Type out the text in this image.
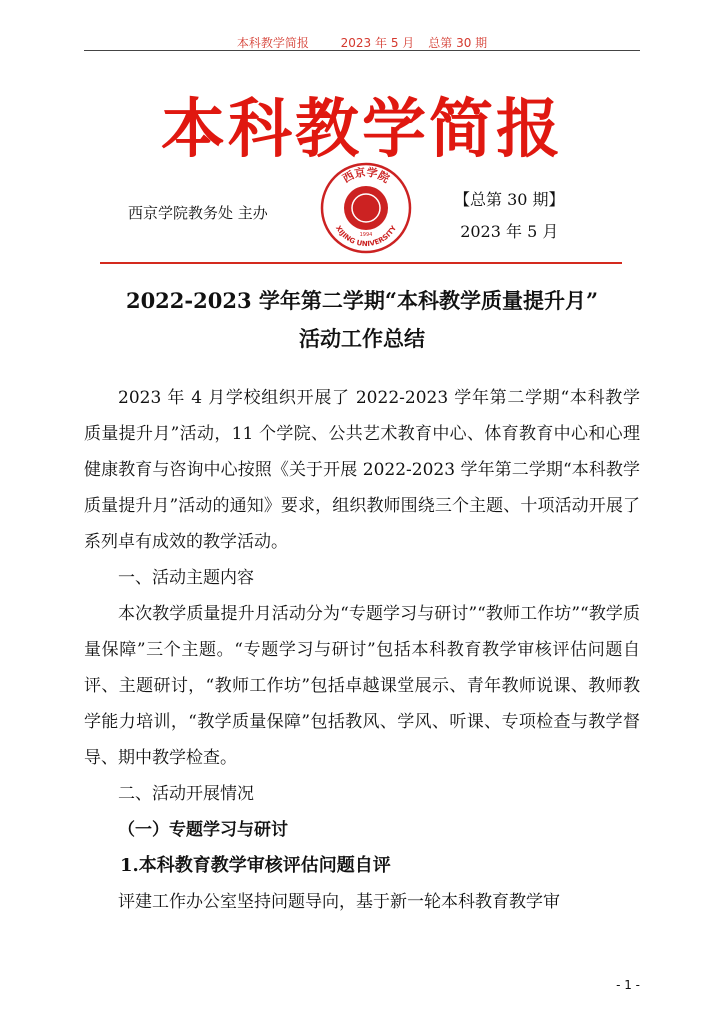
本科教学简报	2023 年 5 月 总第 30 期
本科教学简报
西京学院教务处 主办
西京学院
XIJING UNIVERSITY
1994
【总第 30 期】
2023 年 5 月
2022-2023 学年第二学期“本科教学质量提升月”
活动工作总结

2023 年 4 月学校组织开展了 2022-2023 学年第二学期“本科教学质量提升月”活动，11 个学院、公共艺术教育中心、体育教育中心和心理健康教育与咨询中心按照《关于开展 2022-2023 学年第二学期“本科教学质量提升月”活动的通知》要求，组织教师围绕三个主题、十项活动开展了系列卓有成效的教学活动。

一、活动主题内容

本次教学质量提升月活动分为“专题学习与研讨”“教师工作坊”“教学质量保障”三个主题。“专题学习与研讨”包括本科教育教学审核评估问题自评、主题研讨，“教师工作坊”包括卓越课堂展示、青年教师说课、教师教学能力培训，“教学质量保障”包括教风、学风、听课、专项检查与教学督导、期中教学检查。

二、活动开展情况
（一）专题学习与研讨
1.本科教育教学审核评估问题自评

评建工作办公室坚持问题导向，基于新一轮本科教育教学审

- 1 -
